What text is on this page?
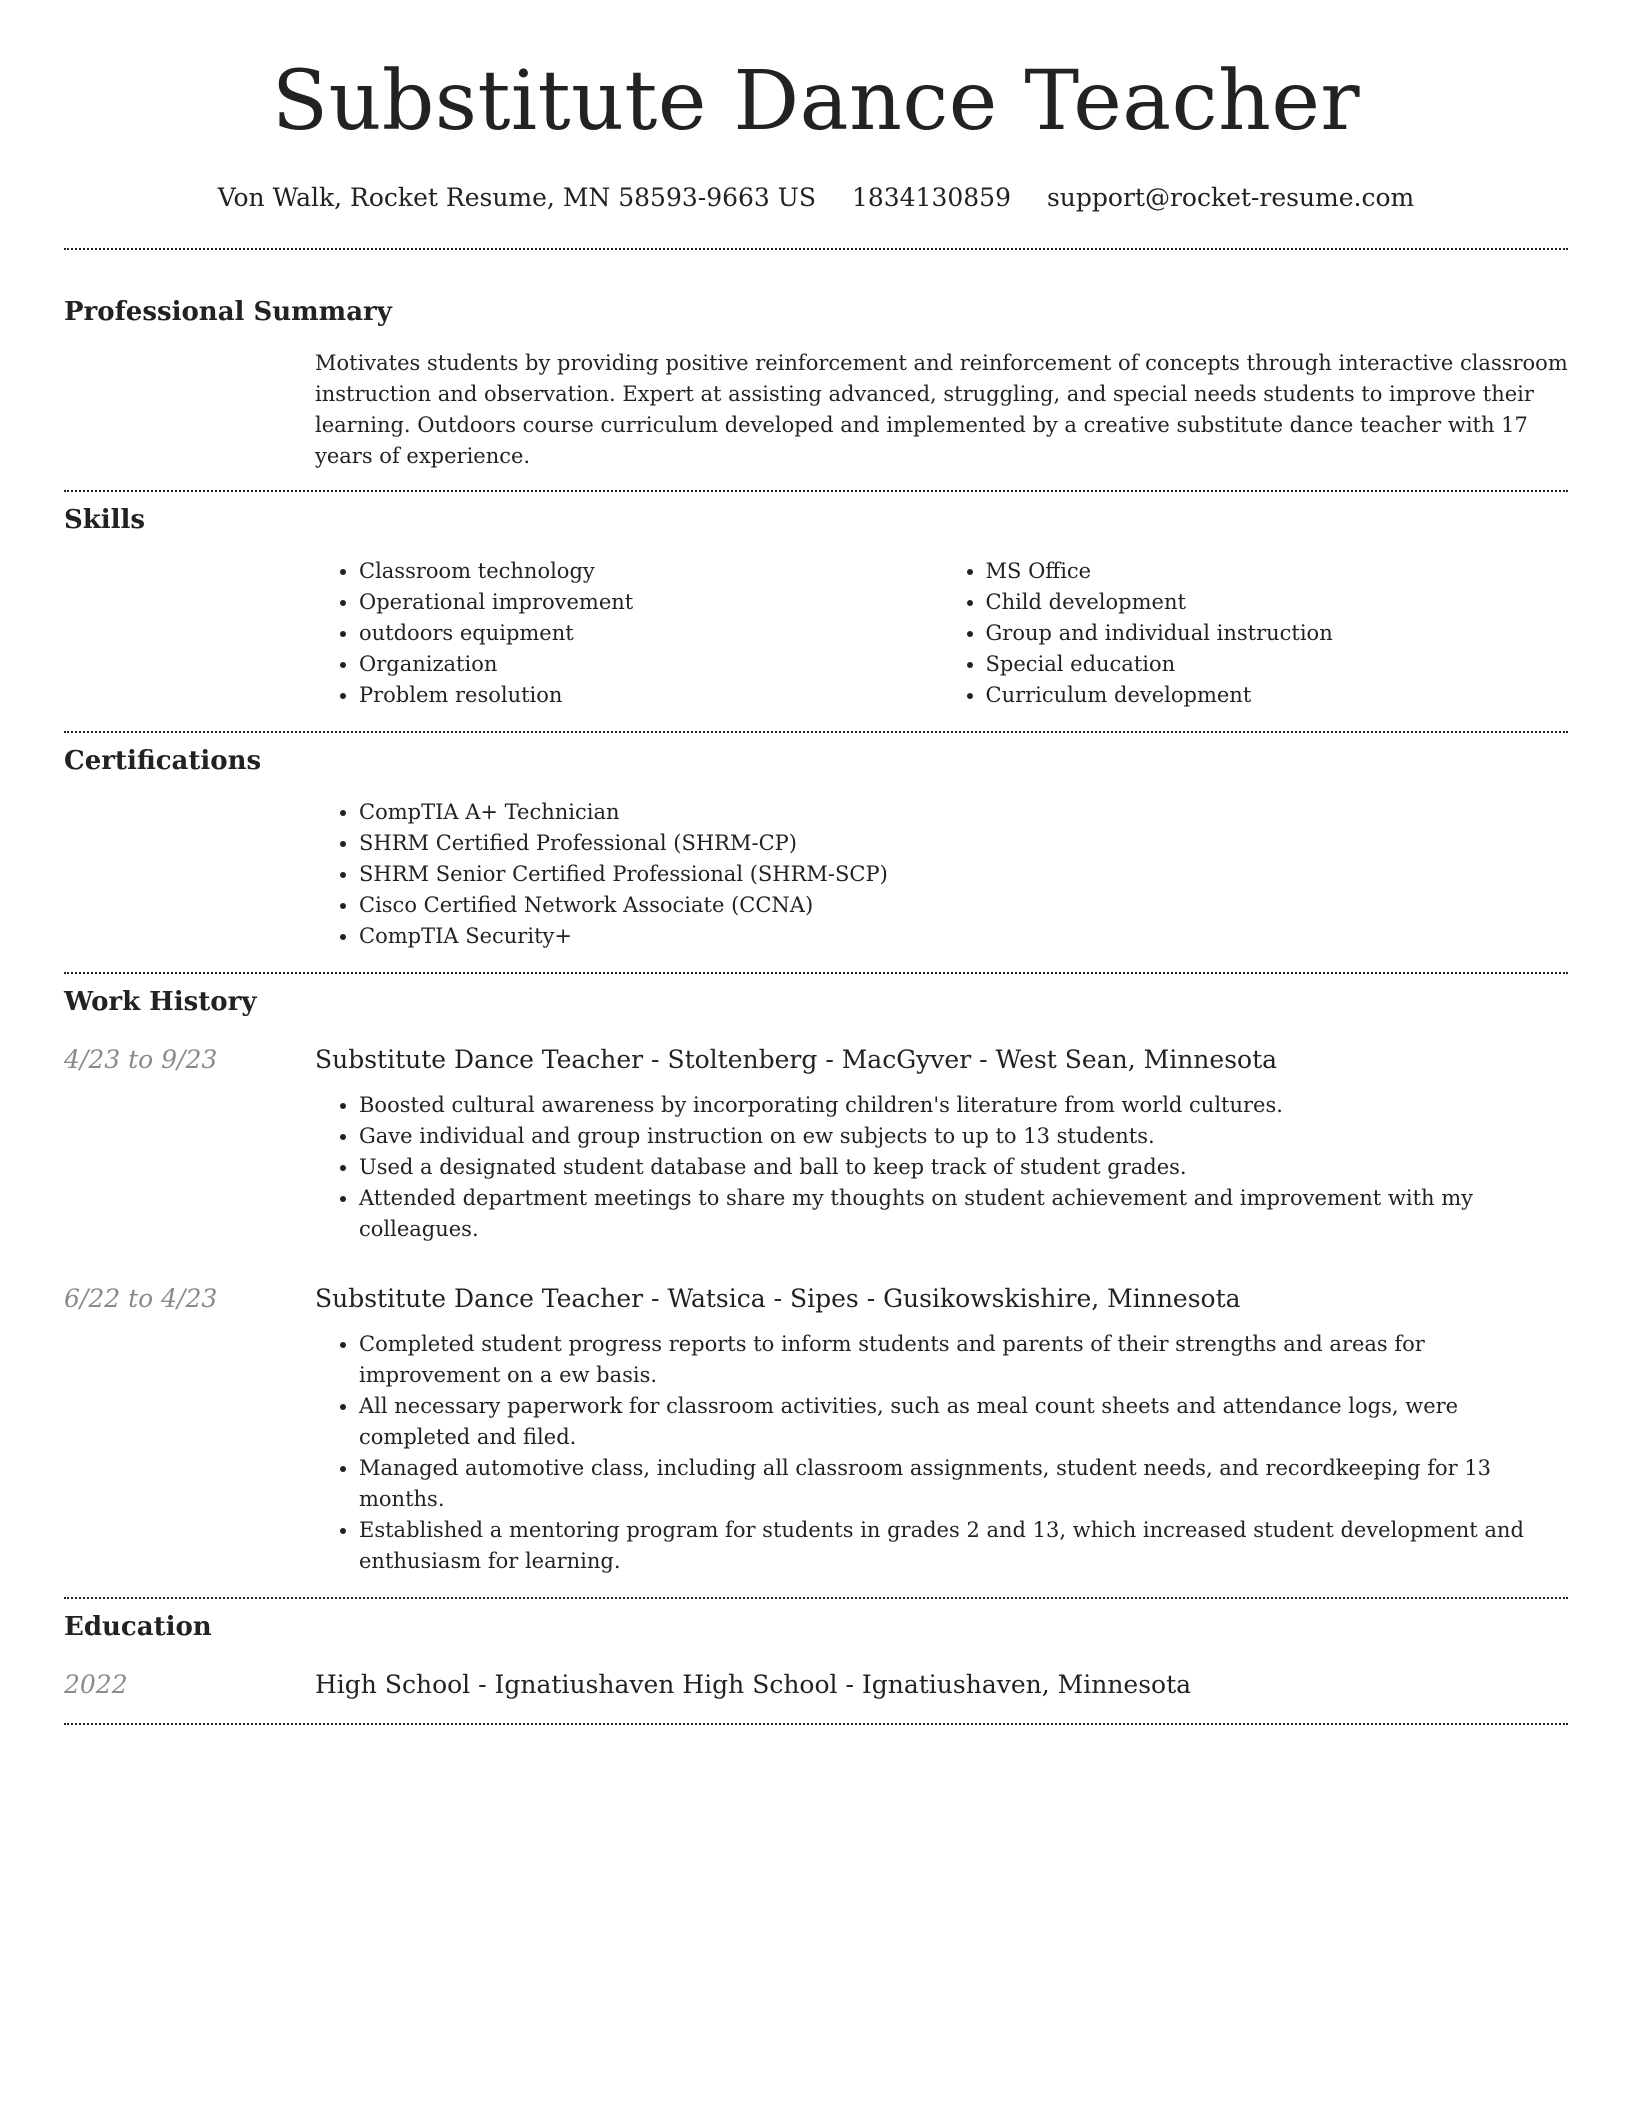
Substitute Dance Teacher
Von Walk, Rocket Resume, MN 58593-9663 US 1834130859 support@rocket-resume.com
Professional Summary
Motivates students by providing positive reinforcement and reinforcement of concepts through interactive classroom instruction and observation. Expert at assisting advanced, struggling, and special needs students to improve their learning. Outdoors course curriculum developed and implemented by a creative substitute dance teacher with 17 years of experience.
Skills
• Classroom technology
• Operational improvement
• outdoors equipment
• Organization
• Problem resolution
• MS Office
• Child development
• Group and individual instruction
• Special education
• Curriculum development
Certifications
• CompTIA A+ Technician
• SHRM Certified Professional (SHRM-CP)
• SHRM Senior Certified Professional (SHRM-SCP)
• Cisco Certified Network Associate (CCNA)
• CompTIA Security+
Work History
4/23 to 9/23	Substitute Dance Teacher - Stoltenberg - MacGyver - West Sean, Minnesota
• Boosted cultural awareness by incorporating children's literature from world cultures.
• Gave individual and group instruction on ew subjects to up to 13 students.
• Used a designated student database and ball to keep track of student grades.
• Attended department meetings to share my thoughts on student achievement and improvement with my colleagues.
6/22 to 4/23	Substitute Dance Teacher - Watsica - Sipes - Gusikowskishire, Minnesota
• Completed student progress reports to inform students and parents of their strengths and areas for improvement on a ew basis.
• All necessary paperwork for classroom activities, such as meal count sheets and attendance logs, were completed and filed.
• Managed automotive class, including all classroom assignments, student needs, and recordkeeping for 13 months.
• Established a mentoring program for students in grades 2 and 13, which increased student development and enthusiasm for learning.
Education
2022	High School - Ignatiushaven High School - Ignatiushaven, Minnesota
